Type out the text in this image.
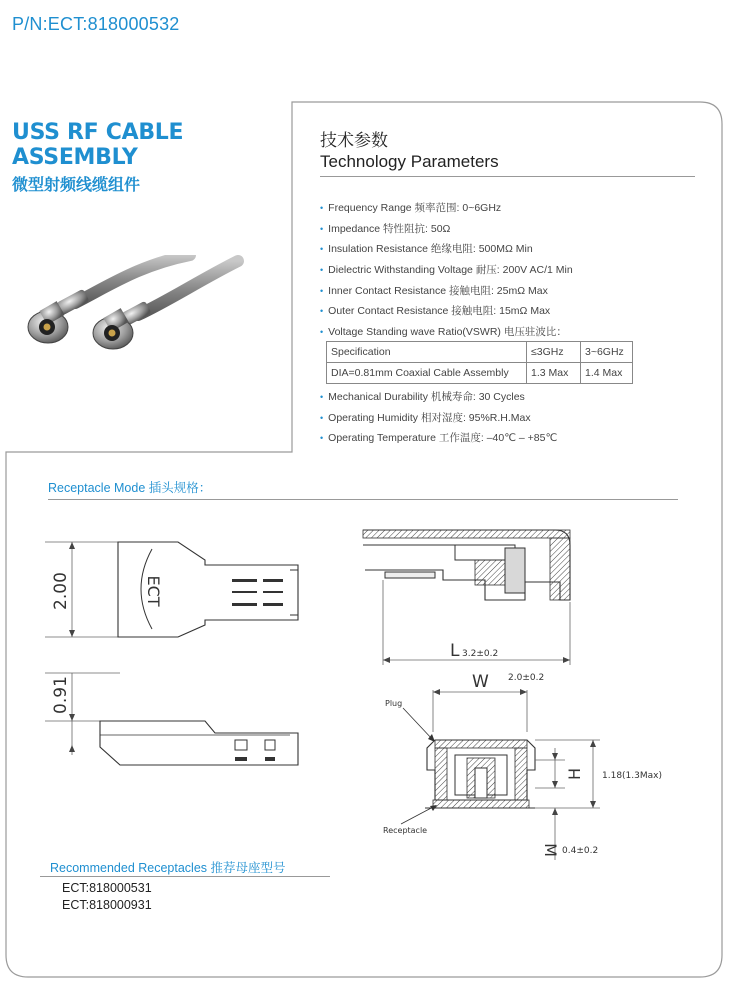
P/N:ECT:818000532
USS RF CABLE
ASSEMBLY
微型射频线缆组件
技术参数
Technology Parameters
• Frequency Range 频率范围: 0~6GHz
• Impedance 特性阻抗: 50Ω
• Insulation Resistance 绝缘电阻: 500MΩ Min
• Dielectric Withstanding Voltage 耐压: 200V AC/1 Min
• Inner Contact Resistance 接触电阻: 25mΩ Max
• Outer Contact Resistance 接触电阻: 15mΩ Max
• Voltage Standing wave Ratio(VSWR) 电压驻波比：
Specification	≤3GHz	3~6GHz
DIA=0.81mm Coaxial Cable Assembly	1.3 Max	1.4 Max
• Mechanical Durability 机械寿命: 30 Cycles
• Operating Humidity 相对湿度: 95%R.H.Max
• Operating Temperature 工作温度: –40℃ – +85℃
Receptacle Mode 插头规格：
2.00	ECT
0.91
L 3.2±0.2
W 2.0±0.2
Plug
Receptacle
H 1.18(1.3Max)
M 0.4±0.2
Recommended Receptacles 推荐母座型号
ECT:818000531
ECT:818000931
